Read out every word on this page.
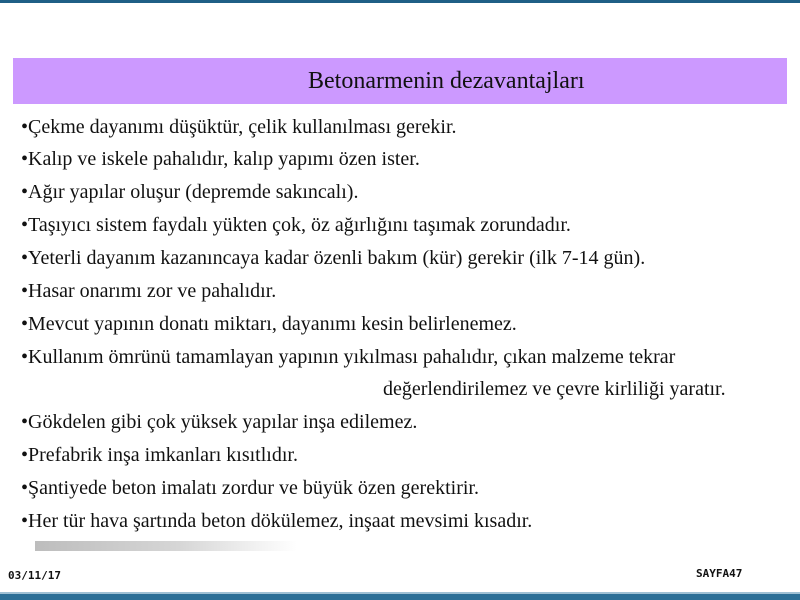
Betonarmenin dezavantajları
•Çekme dayanımı düşüktür, çelik kullanılması gerekir.
•Kalıp ve iskele pahalıdır, kalıp yapımı özen ister.
•Ağır yapılar oluşur (depremde sakıncalı).
•Taşıyıcı sistem faydalı yükten çok, öz ağırlığını taşımak zorundadır.
•Yeterli dayanım kazanıncaya kadar özenli bakım (kür) gerekir (ilk 7-14 gün).
•Hasar onarımı zor ve pahalıdır.
•Mevcut yapının donatı miktarı, dayanımı kesin belirlenemez.
•Kullanım ömrünü tamamlayan yapının yıkılması pahalıdır, çıkan malzeme tekrar
değerlendirilemez ve çevre kirliliği yaratır.
•Gökdelen gibi çok yüksek yapılar inşa edilemez.
•Prefabrik inşa imkanları kısıtlıdır.
•Şantiyede beton imalatı zordur ve büyük özen gerektirir.
•Her tür hava şartında beton dökülemez, inşaat mevsimi kısadır.
03/11/17	SAYFA47
